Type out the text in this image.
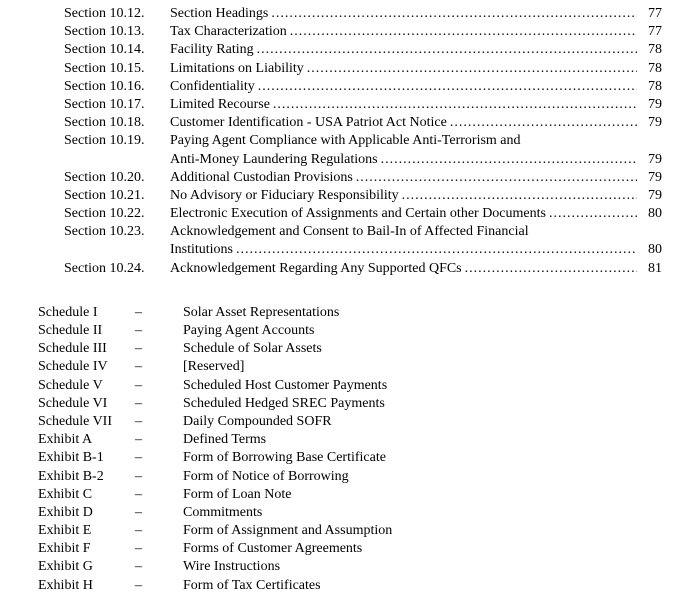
Section 10.12.	Section Headings .....	77
Section 10.13.	Tax Characterization .....	77
Section 10.14.	Facility Rating .....	78
Section 10.15.	Limitations on Liability .....	78
Section 10.16.	Confidentiality .....	78
Section 10.17.	Limited Recourse .....	79
Section 10.18.	Customer Identification - USA Patriot Act Notice .....	79
Section 10.19.	Paying Agent Compliance with Applicable Anti-Terrorism and
Anti-Money Laundering Regulations .....	79
Section 10.20.	Additional Custodian Provisions .....	79
Section 10.21.	No Advisory or Fiduciary Responsibility .....	79
Section 10.22.	Electronic Execution of Assignments and Certain other Documents .....	80
Section 10.23.	Acknowledgement and Consent to Bail-In of Affected Financial
Institutions .....	80
Section 10.24.	Acknowledgement Regarding Any Supported QFCs .....	81
Schedule I	–	Solar Asset Representations
Schedule II	–	Paying Agent Accounts
Schedule III	–	Schedule of Solar Assets
Schedule IV	–	[Reserved]
Schedule V	–	Scheduled Host Customer Payments
Schedule VI	–	Scheduled Hedged SREC Payments
Schedule VII	–	Daily Compounded SOFR
Exhibit A	–	Defined Terms
Exhibit B-1	–	Form of Borrowing Base Certificate
Exhibit B-2	–	Form of Notice of Borrowing
Exhibit C	–	Form of Loan Note
Exhibit D	–	Commitments
Exhibit E	–	Form of Assignment and Assumption
Exhibit F	–	Forms of Customer Agreements
Exhibit G	–	Wire Instructions
Exhibit H	–	Form of Tax Certificates
